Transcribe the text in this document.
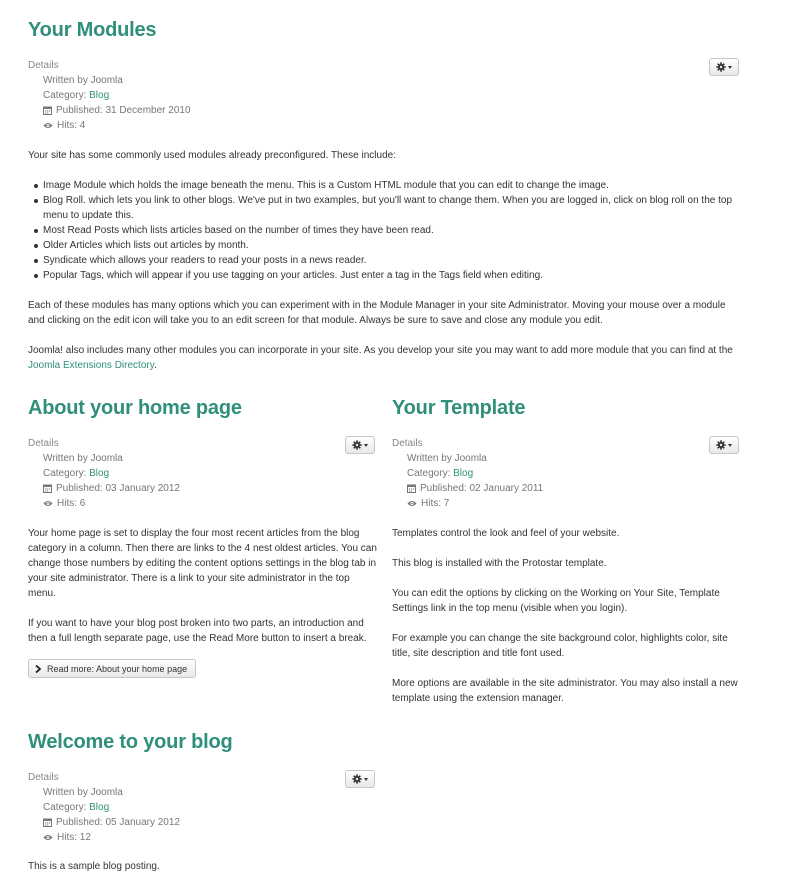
Your Modules
Details
Written by Joomla
Category:
Blog
Published: 31 December 2010
Hits: 4

Your site has some commonly used modules already preconfigured. These include:

Image Module which holds the image beneath the menu. This is a Custom HTML module that you can edit to change the image.
Blog Roll. which lets you link to other blogs. We've put in two examples, but you'll want to change them. When you are logged in, click on blog roll on the top menu to update this.
Most Read Posts which lists articles based on the number of times they have been read.
Older Articles which lists out articles by month.
Syndicate which allows your readers to read your posts in a news reader.
Popular Tags, which will appear if you use tagging on your articles. Just enter a tag in the Tags field when editing.

Each of these modules has many options which you can experiment with in the Module Manager in your site Administrator. Moving your mouse over a module and clicking on the edit icon will take you to an edit screen for that module. Always be sure to save and close any module you edit.

Joomla! also includes many other modules you can incorporate in your site. As you develop your site you may want to add more module that you can find at the Joomla Extensions Directory.

About your home page
Details
Written by Joomla
Category:
Blog
Published: 03 January 2012
Hits: 6

Your home page is set to display the four most recent articles from the blog category in a column. Then there are links to the 4 nest oldest articles. You can change those numbers by editing the content options settings in the blog tab in your site administrator. There is a link to your site administrator in the top menu.

If you want to have your blog post broken into two parts, an introduction and then a full length separate page, use the Read More button to insert a break.

Read more: About your home page
Your Template
Details
Written by Joomla
Category:
Blog
Published: 02 January 2011
Hits: 7

Templates control the look and feel of your website.

This blog is installed with the Protostar template.

You can edit the options by clicking on the Working on Your Site, Template Settings link in the top menu (visible when you login).

For example you can change the site background color, highlights color, site title, site description and title font used.

More options are available in the site administrator. You may also install a new template using the extension manager.

Welcome to your blog
Details
Written by Joomla
Category:
Blog
Published: 05 January 2012
Hits: 12

This is a sample blog posting.
